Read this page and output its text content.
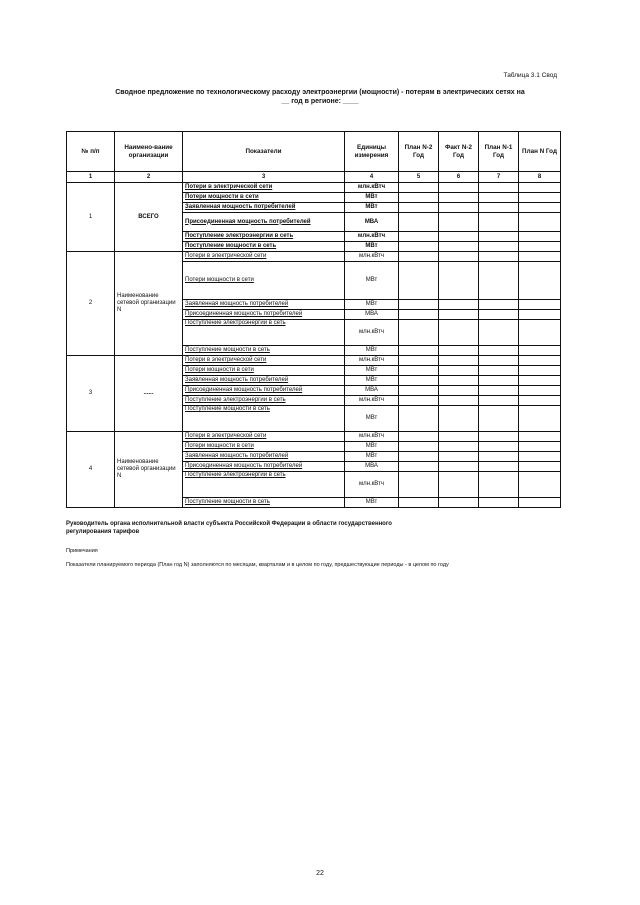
Таблица 3.1 Свод
Сводное предложение по технологическому расходу электроэнергии (мощности) - потерям в электрических сетях на
__ год в регионе: ____
№ п/п	Наимено-вание организации	Показатели	Единицы измерения	План N-2 Год	Факт N-2 Год	План N-1 Год	План N Год
1	2	3	4	5	6	7	8
1	ВСЕГО	Потери в электрической сети	млн.кВтч				
		Потери мощности в сети	МВт				
		Заявленная мощность потребителей	МВт				
		Присоединенная мощность потребителей	МВА				
		Поступление электроэнергии в сеть	млн.кВтч				
		Поступление мощности в сеть	МВт				
2	Наименование сетевой организации N	Потери в электрической сети	млн.кВтч				
		Потери мощности в сети	МВт				
		Заявленная мощность потребителей	МВт				
		Присоединенная мощность потребителей	МВА				
		Поступление электроэнергии в сеть	млн.кВтч				
		Поступление мощности в сеть	МВт				
3	......	Потери в электрической сети	млн.кВтч				
		Потери мощности в сети	МВт				
		Заявленная мощность потребителей	МВт				
		Присоединенная мощность потребителей	МВА				
		Поступление электроэнергии в сеть	млн.кВтч				
		Поступление мощности в сеть	МВт				
4	Наименование сетевой организации N	Потери в электрической сети	млн.кВтч				
		Потери мощности в сети	МВт				
		Заявленная мощность потребителей	МВт				
		Присоединенная мощность потребителей	МВА				
		Поступление электроэнергии в сеть	млн.кВтч				
		Поступление мощности в сеть	МВт				
Руководитель органа исполнительной власти субъекта Российской Федерации в области государственного регулирования тарифов
Примечания
Показатели планируемого периода (План год N) заполняются по месяцам, кварталам и в целом по году, предшествующие периоды - в целом по году
22
